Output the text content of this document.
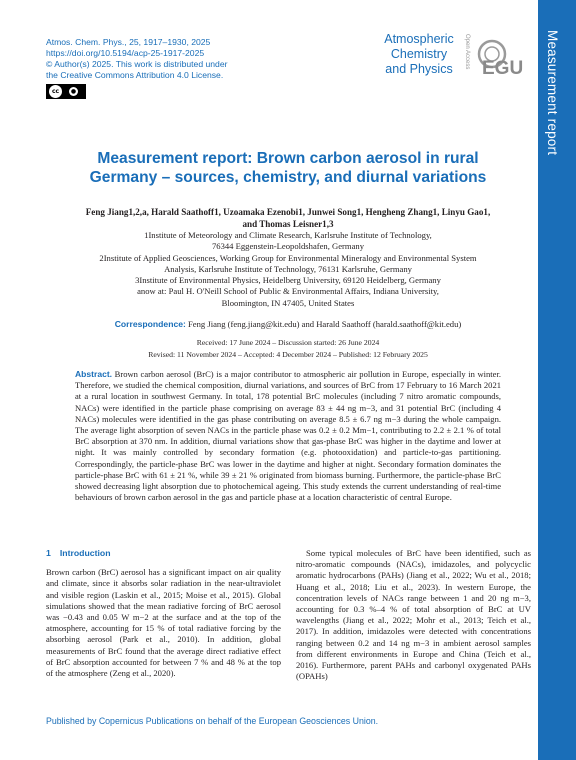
Measurement report
Atmos. Chem. Phys., 25, 1917–1930, 2025
https://doi.org/10.5194/acp-25-1917-2025
© Author(s) 2025. This work is distributed under
the Creative Commons Attribution 4.0 License.
cc	●
Atmospheric
Chemistry
and Physics	Open Access EGU
Measurement report: Brown carbon aerosol in rural
Germany – sources, chemistry, and diurnal variations
Feng Jiang1,2,a, Harald Saathoff1, Uzoamaka Ezenobi1, Junwei Song1, Hengheng Zhang1, Linyu Gao1,
and Thomas Leisner1,3
1Institute of Meteorology and Climate Research, Karlsruhe Institute of Technology,
76344 Eggenstein-Leopoldshafen, Germany
2Institute of Applied Geosciences, Working Group for Environmental Mineralogy and Environmental System
Analysis, Karlsruhe Institute of Technology, 76131 Karlsruhe, Germany
3Institute of Environmental Physics, Heidelberg University, 69120 Heidelberg, Germany
anow at: Paul H. O'Neill School of Public & Environmental Affairs, Indiana University,
Bloomington, IN 47405, United States
Correspondence: Feng Jiang (feng.jiang@kit.edu) and Harald Saathoff (harald.saathoff@kit.edu)
Received: 17 June 2024 – Discussion started: 26 June 2024
Revised: 11 November 2024 – Accepted: 4 December 2024 – Published: 12 February 2025
Abstract. Brown carbon aerosol (BrC) is a major contributor to atmospheric air pollution in Europe, especially in winter. Therefore, we studied the chemical composition, diurnal variations, and sources of BrC from 17 February to 16 March 2021 at a rural location in southwest Germany. In total, 178 potential BrC molecules (including 7 nitro aromatic compounds, NACs) were identified in the particle phase comprising on average 83 ± 44 ng m−3, and 31 potential BrC (including 4 NACs) molecules were identified in the gas phase contributing on average 8.5 ± 6.7 ng m−3 during the whole campaign. The average light absorption of seven NACs in the particle phase was 0.2 ± 0.2 Mm−1, contributing to 2.2 ± 2.1 % of total BrC absorption at 370 nm. In addition, diurnal variations show that gas-phase BrC was higher in the daytime and lower at night. It was mainly controlled by secondary formation (e.g. photooxidation) and particle-to-gas partitioning. Correspondingly, the particle-phase BrC was lower in the daytime and higher at night. Secondary formation dominates the particle-phase BrC with 61 ± 21 %, while 39 ± 21 % originated from biomass burning. Furthermore, the particle-phase BrC showed decreasing light absorption due to photochemical ageing. This study extends the current understanding of real-time behaviours of brown carbon aerosol in the gas and particle phase at a location characteristic of central Europe.
1 Introduction

Brown carbon (BrC) aerosol has a significant impact on air quality and climate, since it absorbs solar radiation in the near-ultraviolet and visible region (Laskin et al., 2015; Moise et al., 2015). Global simulations showed that the mean radiative forcing of BrC aerosol was −0.43 and 0.05 W m−2 at the surface and at the top of the atmosphere, accounting for 15 % of total radiative forcing by the absorbing aerosol (Park et al., 2010). In addition, global measurements of BrC found that the average direct radiative effect of BrC absorption accounted for between 7 % and 48 % at the top of the atmosphere (Zeng et al., 2020).

Some typical molecules of BrC have been identified, such as nitro-aromatic compounds (NACs), imidazoles, and polycyclic aromatic hydrocarbons (PAHs) (Jiang et al., 2022; Wu et al., 2018; Huang et al., 2018; Liu et al., 2023). In western Europe, the concentration levels of NACs range between 1 and 20 ng m−3, accounting for 0.3 %–4 % of total absorption of BrC at UV wavelengths (Jiang et al., 2022; Mohr et al., 2013; Teich et al., 2017). In addition, imidazoles were detected with concentrations ranging between 0.2 and 14 ng m−3 in ambient aerosol samples from different environments in Europe and China (Teich et al., 2016). Furthermore, parent PAHs and carbonyl oxygenated PAHs (OPAHs)

Published by Copernicus Publications on behalf of the European Geosciences Union.
